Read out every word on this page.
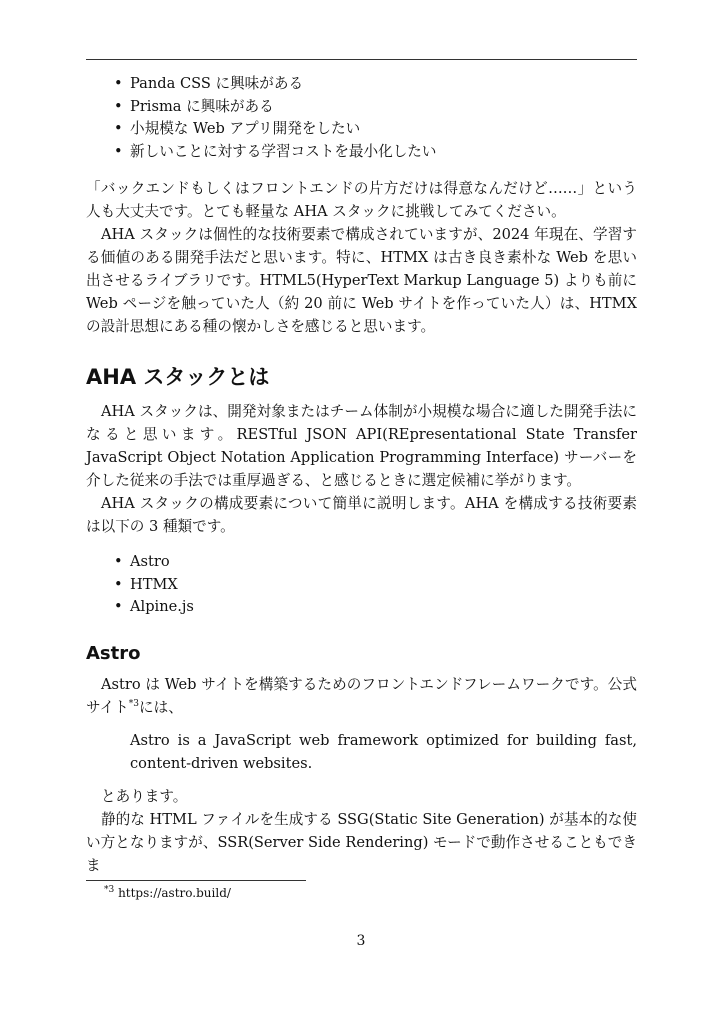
• Panda CSS に興味がある
• Prisma に興味がある
• 小規模な Web アプリ開発をしたい
• 新しいことに対する学習コストを最小化したい

「バックエンドもしくはフロントエンドの片方だけは得意なんだけど……」という人も大丈夫です。とても軽量な AHA スタックに挑戦してみてください。

AHA スタックは個性的な技術要素で構成されていますが、2024 年現在、学習する価値のある開発手法だと思います。特に、HTMX は古き良き素朴な Web を思い出させるライブラリです。HTML5(HyperText Markup Language 5) よりも前に Web ページを触っていた人（約 20 前に Web サイトを作っていた人）は、HTMX の設計思想にある種の懐かしさを感じると思います。

AHA スタックとは

AHA スタックは、開発対象またはチーム体制が小規模な場合に適した開発手法になると思います。RESTful JSON API(REpresentational State Transfer JavaScript Object Notation Application Programming Interface) サーバーを介した従来の手法では重厚過ぎる、と感じるときに選定候補に挙がります。

AHA スタックの構成要素について簡単に説明します。AHA を構成する技術要素は以下の 3 種類です。

• Astro
• HTMX
• Alpine.js
Astro

Astro は Web サイトを構築するためのフロントエンドフレームワークです。公式サイト$^{*3}$には、

Astro is a JavaScript web framework optimized for building fast, content-driven websites.

とあります。

静的な HTML ファイルを生成する SSG(Static Site Generation) が基本的な使い方となりますが、SSR(Server Side Rendering) モードで動作させることもできま

$^{*3}$ https://astro.build/
3
